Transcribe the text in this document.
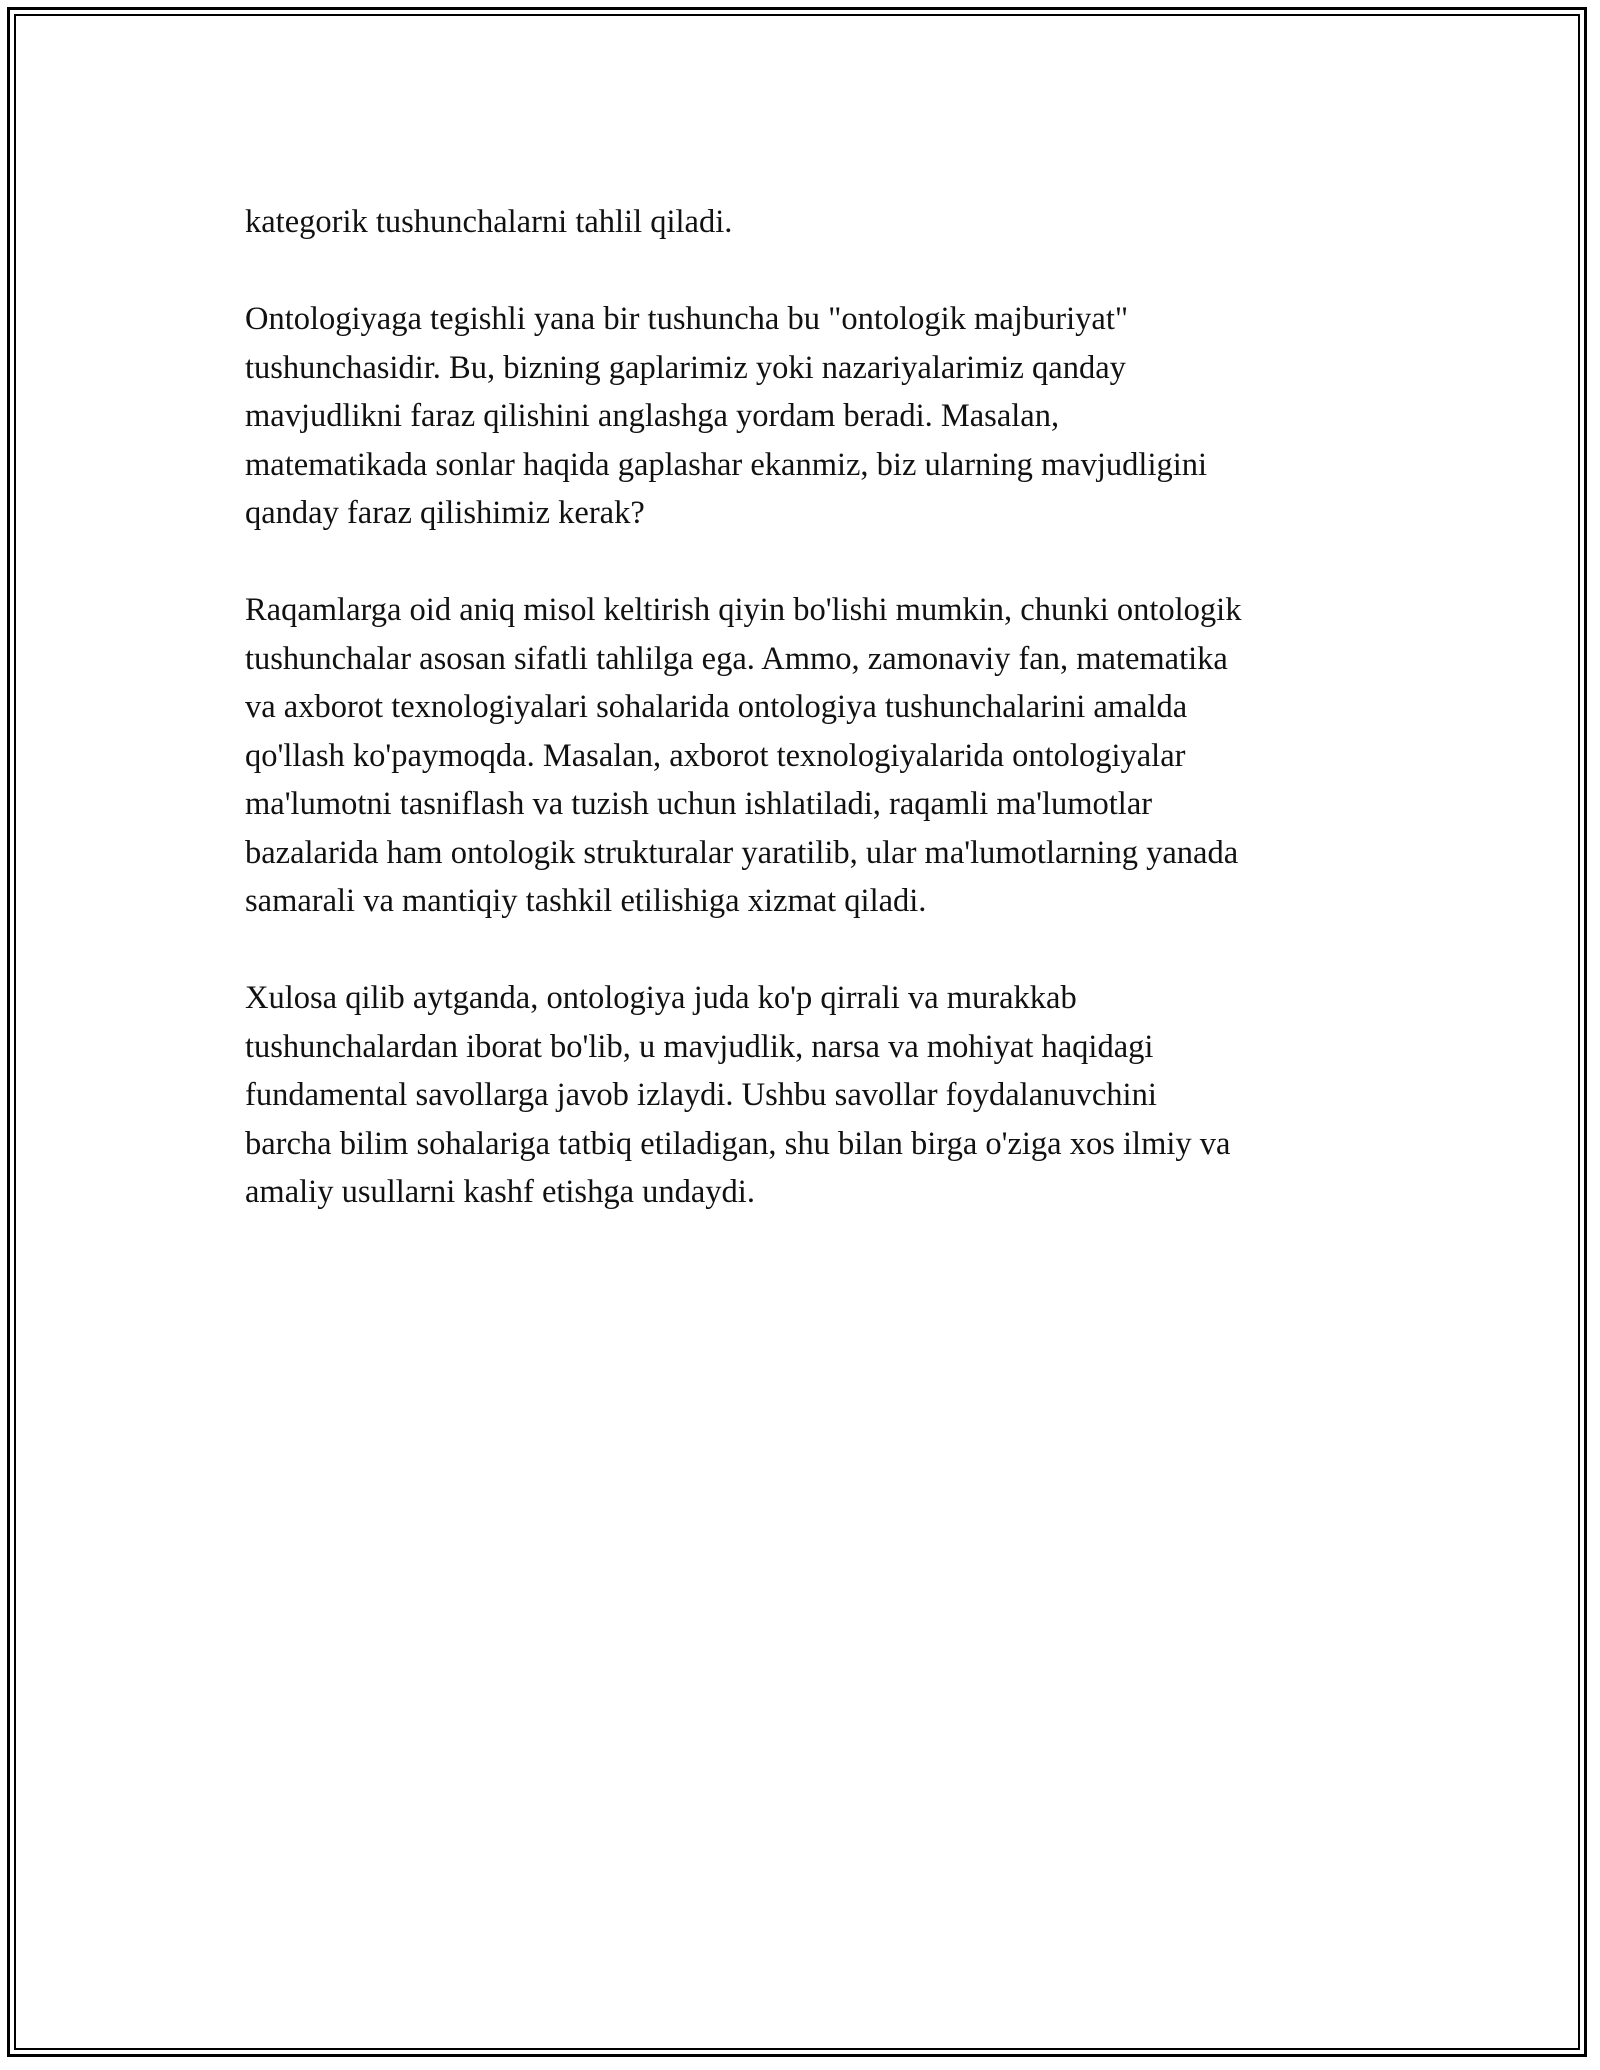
kategorik tushunchalarni tahlil qiladi.

Ontologiyaga tegishli yana bir tushuncha bu "ontologik majburiyat"
tushunchasidir. Bu, bizning gaplarimiz yoki nazariyalarimiz qanday
mavjudlikni faraz qilishini anglashga yordam beradi. Masalan,
matematikada sonlar haqida gaplashar ekanmiz, biz ularning mavjudligini
qanday faraz qilishimiz kerak?

Raqamlarga oid aniq misol keltirish qiyin bo'lishi mumkin, chunki ontologik
tushunchalar asosan sifatli tahlilga ega. Ammo, zamonaviy fan, matematika
va axborot texnologiyalari sohalarida ontologiya tushunchalarini amalda
qo'llash ko'paymoqda. Masalan, axborot texnologiyalarida ontologiyalar
ma'lumotni tasniflash va tuzish uchun ishlatiladi, raqamli ma'lumotlar
bazalarida ham ontologik strukturalar yaratilib, ular ma'lumotlarning yanada
samarali va mantiqiy tashkil etilishiga xizmat qiladi.

Xulosa qilib aytganda, ontologiya juda ko'p qirrali va murakkab
tushunchalardan iborat bo'lib, u mavjudlik, narsa va mohiyat haqidagi
fundamental savollarga javob izlaydi. Ushbu savollar foydalanuvchini
barcha bilim sohalariga tatbiq etiladigan, shu bilan birga o'ziga xos ilmiy va
amaliy usullarni kashf etishga undaydi.
